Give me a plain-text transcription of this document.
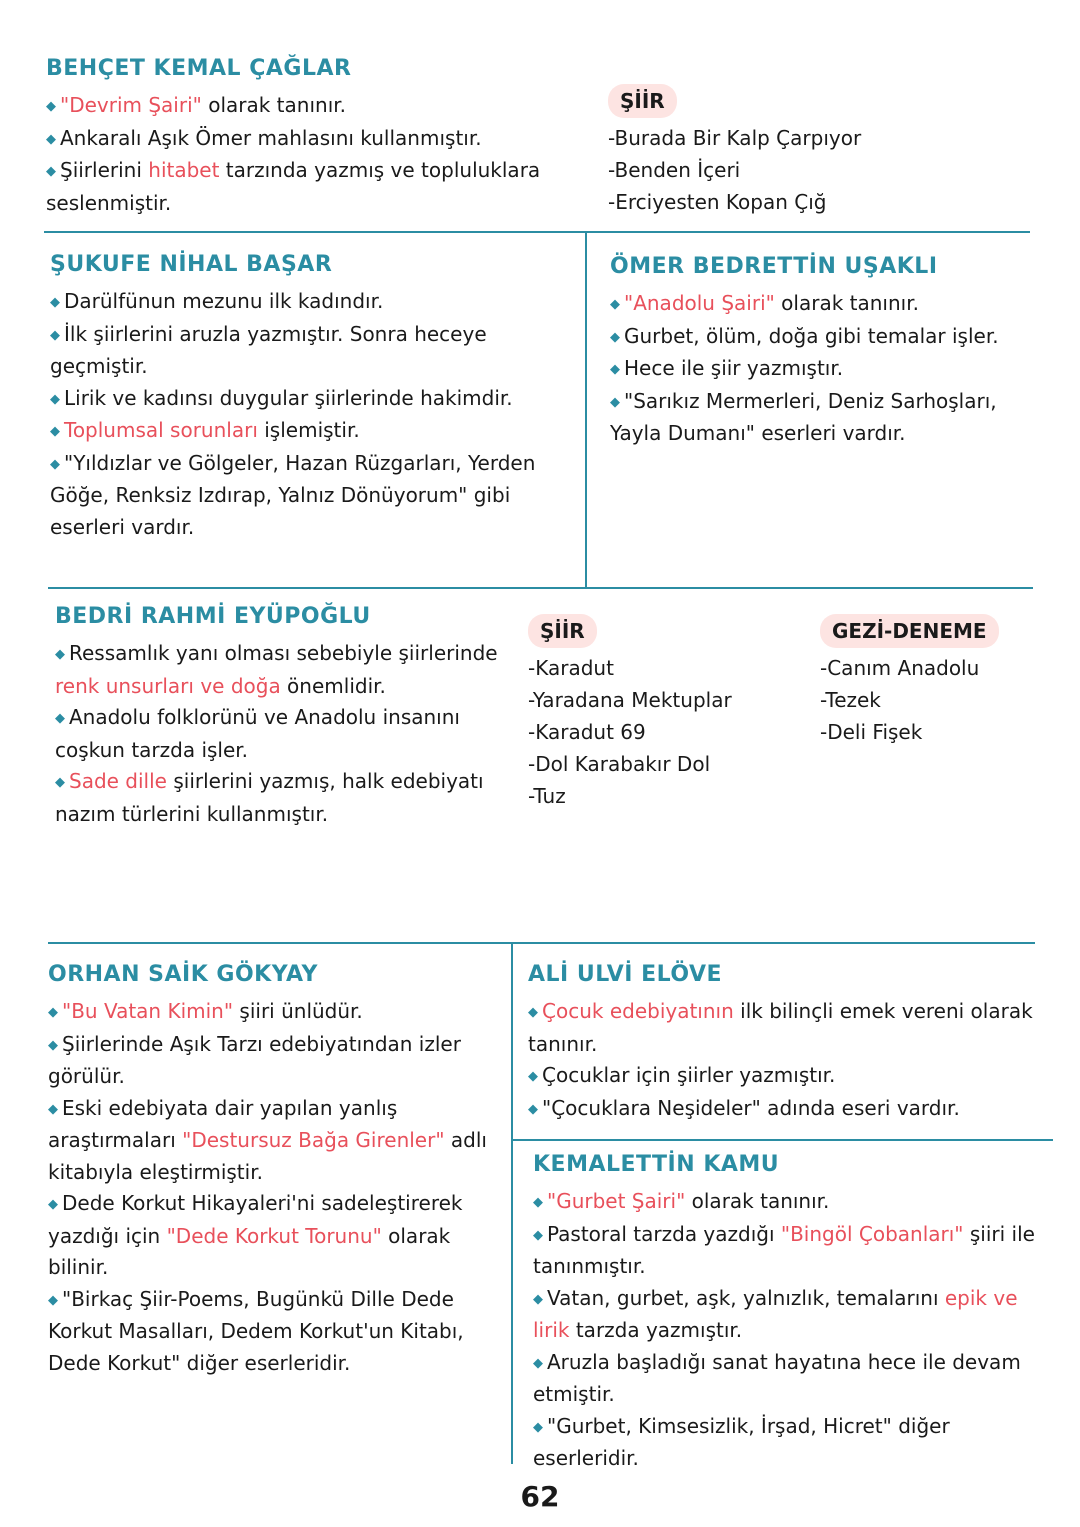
BEHÇET KEMAL ÇAĞLAR

◆ "Devrim Şairi" olarak tanınır.

◆ Ankaralı Aşık Ömer mahlasını kullanmıştır.

◆ Şiirlerini hitabet tarzında yazmış ve topluluklara seslenmiştir.

ŞİİR

-Burada Bir Kalp Çarpıyor

-Benden İçeri

-Erciyesten Kopan Çığ

ŞUKUFE NİHAL BAŞAR

◆ Darülfünun mezunu ilk kadındır.

◆ İlk şiirlerini aruzla yazmıştır. Sonra heceye geçmiştir.

◆ Lirik ve kadınsı duygular şiirlerinde hakimdir.

◆ Toplumsal sorunları işlemiştir.

◆ "Yıldızlar ve Gölgeler, Hazan Rüzgarları, Yerden Göğe, Renksiz Izdırap, Yalnız Dönüyorum" gibi eserleri vardır.

ÖMER BEDRETTİN UŞAKLI

◆ "Anadolu Şairi" olarak tanınır.

◆ Gurbet, ölüm, doğa gibi temalar işler.

◆ Hece ile şiir yazmıştır.

◆ "Sarıkız Mermerleri, Deniz Sarhoşları, Yayla Dumanı" eserleri vardır.

BEDRİ RAHMİ EYÜPOĞLU

◆ Ressamlık yanı olması sebebiyle şiirlerinde renk unsurları ve doğa önemlidir.

◆ Anadolu folklorünü ve Anadolu insanını coşkun tarzda işler.

◆ Sade dille şiirlerini yazmış, halk edebiyatı nazım türlerini kullanmıştır.

ŞİİR

-Karadut

-Yaradana Mektuplar

-Karadut 69

-Dol Karabakır Dol

-Tuz

GEZİ-DENEME

-Canım Anadolu

-Tezek

-Deli Fişek

ORHAN SAİK GÖKYAY

◆ "Bu Vatan Kimin" şiiri ünlüdür.

◆ Şiirlerinde Aşık Tarzı edebiyatından izler görülür.

◆ Eski edebiyata dair yapılan yanlış araştırmaları "Destursuz Bağa Girenler" adlı kitabıyla eleştirmiştir.

◆ Dede Korkut Hikayaleri'ni sadeleştirerek yazdığı için "Dede Korkut Torunu" olarak bilinir.

◆ "Birkaç Şiir-Poems, Bugünkü Dille Dede Korkut Masalları, Dedem Korkut'un Kitabı, Dede Korkut" diğer eserleridir.

ALİ ULVİ ELÖVE

◆ Çocuk edebiyatının ilk bilinçli emek vereni olarak tanınır.

◆ Çocuklar için şiirler yazmıştır.

◆ "Çocuklara Neşideler" adında eseri vardır.

KEMALETTİN KAMU

◆ "Gurbet Şairi" olarak tanınır.

◆ Pastoral tarzda yazdığı "Bingöl Çobanları" şiiri ile tanınmıştır.

◆ Vatan, gurbet, aşk, yalnızlık, temalarını epik ve lirik tarzda yazmıştır.

◆ Aruzla başladığı sanat hayatına hece ile devam etmiştir.

◆ "Gurbet, Kimsesizlik, İrşad, Hicret" diğer eserleridir.

62
